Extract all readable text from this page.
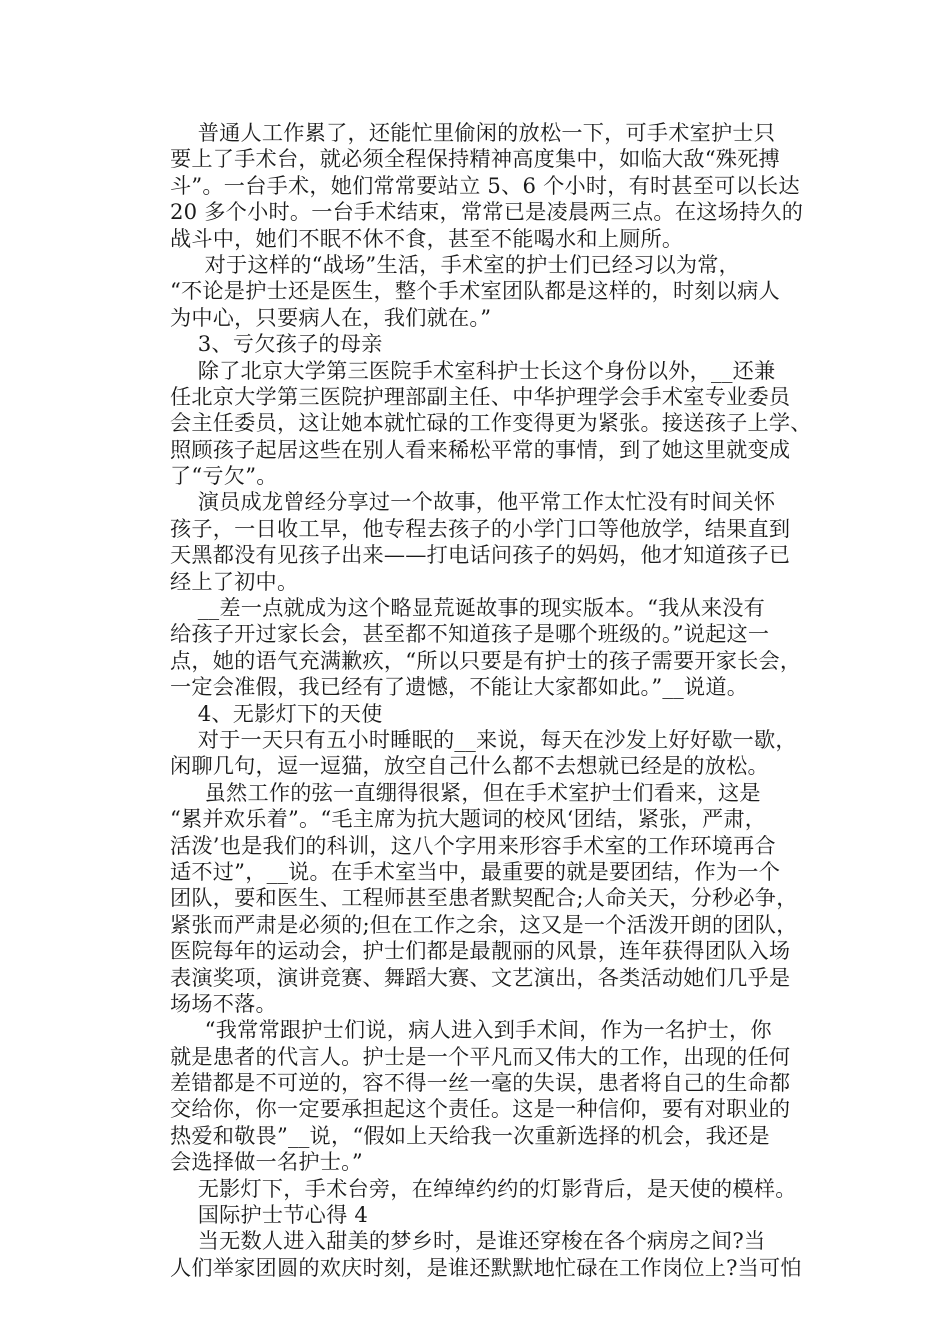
普通人工作累了，还能忙里偷闲的放松一下，可手术室护士只
要上了手术台，就必须全程保持精神高度集中，如临大敌“殊死搏
斗”。一台手术，她们常常要站立 5、6 个小时，有时甚至可以长达
20 多个小时。一台手术结束，常常已是凌晨两三点。在这场持久的
战斗中，她们不眠不休不食，甚至不能喝水和上厕所。
对于这样的“战场”生活，手术室的护士们已经习以为常，
“不论是护士还是医生，整个手术室团队都是这样的，时刻以病人
为中心，只要病人在，我们就在。”
3、亏欠孩子的母亲
除了北京大学第三医院手术室科护士长这个身份以外，__还兼
任北京大学第三医院护理部副主任、中华护理学会手术室专业委员
会主任委员，这让她本就忙碌的工作变得更为紧张。接送孩子上学、
照顾孩子起居这些在别人看来稀松平常的事情，到了她这里就变成
了“亏欠”。
演员成龙曾经分享过一个故事，他平常工作太忙没有时间关怀
孩子，一日收工早，他专程去孩子的小学门口等他放学，结果直到
天黑都没有见孩子出来——打电话问孩子的妈妈，他才知道孩子已
经上了初中。
__差一点就成为这个略显荒诞故事的现实版本。“我从来没有
给孩子开过家长会，甚至都不知道孩子是哪个班级的。”说起这一
点，她的语气充满歉疚，“所以只要是有护士的孩子需要开家长会，
一定会准假，我已经有了遗憾，不能让大家都如此。”__说道。
4、无影灯下的天使
对于一天只有五小时睡眠的__来说，每天在沙发上好好歇一歇，
闲聊几句，逗一逗猫，放空自己什么都不去想就已经是的放松。
虽然工作的弦一直绷得很紧，但在手术室护士们看来，这是
“累并欢乐着”。“毛主席为抗大题词的校风‘团结，紧张，严肃，
活泼’也是我们的科训，这八个字用来形容手术室的工作环境再合
适不过”，__说。在手术室当中，最重要的就是要团结，作为一个
团队，要和医生、工程师甚至患者默契配合;人命关天，分秒必争，
紧张而严肃是必须的;但在工作之余，这又是一个活泼开朗的团队，
医院每年的运动会，护士们都是最靓丽的风景，连年获得团队入场
表演奖项，演讲竞赛、舞蹈大赛、文艺演出，各类活动她们几乎是
场场不落。
“我常常跟护士们说，病人进入到手术间，作为一名护士，你
就是患者的代言人。护士是一个平凡而又伟大的工作，出现的任何
差错都是不可逆的，容不得一丝一毫的失误，患者将自己的生命都
交给你，你一定要承担起这个责任。这是一种信仰，要有对职业的
热爱和敬畏”__说，“假如上天给我一次重新选择的机会，我还是
会选择做一名护士。”
无影灯下，手术台旁，在绰绰约约的灯影背后，是天使的模样。
国际护士节心得 4
当无数人进入甜美的梦乡时，是谁还穿梭在各个病房之间?当
人们举家团圆的欢庆时刻，是谁还默默地忙碌在工作岗位上?当可怕
